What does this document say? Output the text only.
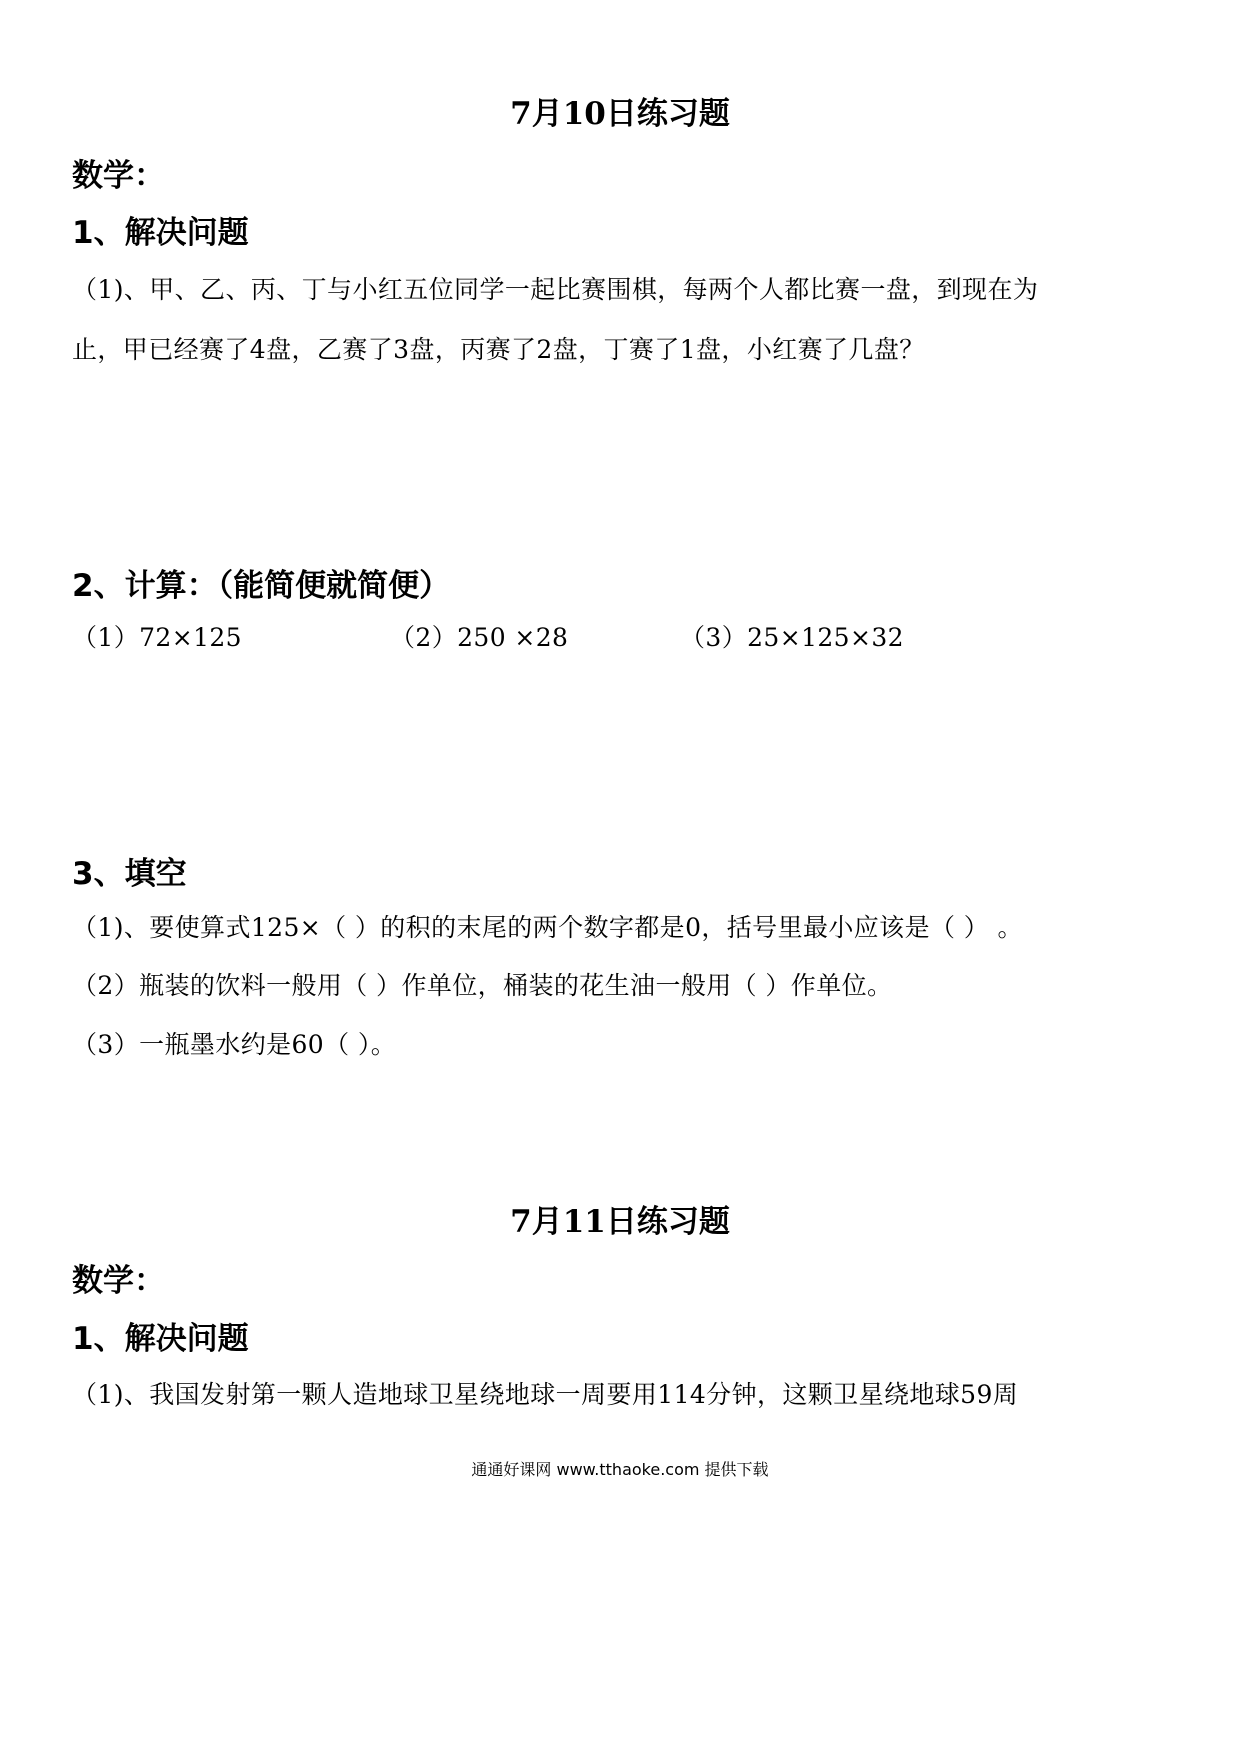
7月10日练习题
数学：
1、解决问题
（1)、甲、乙、丙、丁与小红五位同学一起比赛围棋，每两个人都比赛一盘，到现在为
止，甲已经赛了4盘，乙赛了3盘，丙赛了2盘，丁赛了1盘，小红赛了几盘？
2、计算：（能简便就简便）
（1）72×125	（2）250 ×28	（3）25×125×32
3、填空
（1)、要使算式125×（ ）的积的末尾的两个数字都是0，括号里最小应该是（ ） 。
（2）瓶装的饮料一般用（ ）作单位，桶装的花生油一般用（ ）作单位。
（3）一瓶墨水约是60（ ）。
7月11日练习题
数学：
1、解决问题
（1)、我国发射第一颗人造地球卫星绕地球一周要用114分钟，这颗卫星绕地球59周
通通好课网 www.tthaoke.com 提供下载
